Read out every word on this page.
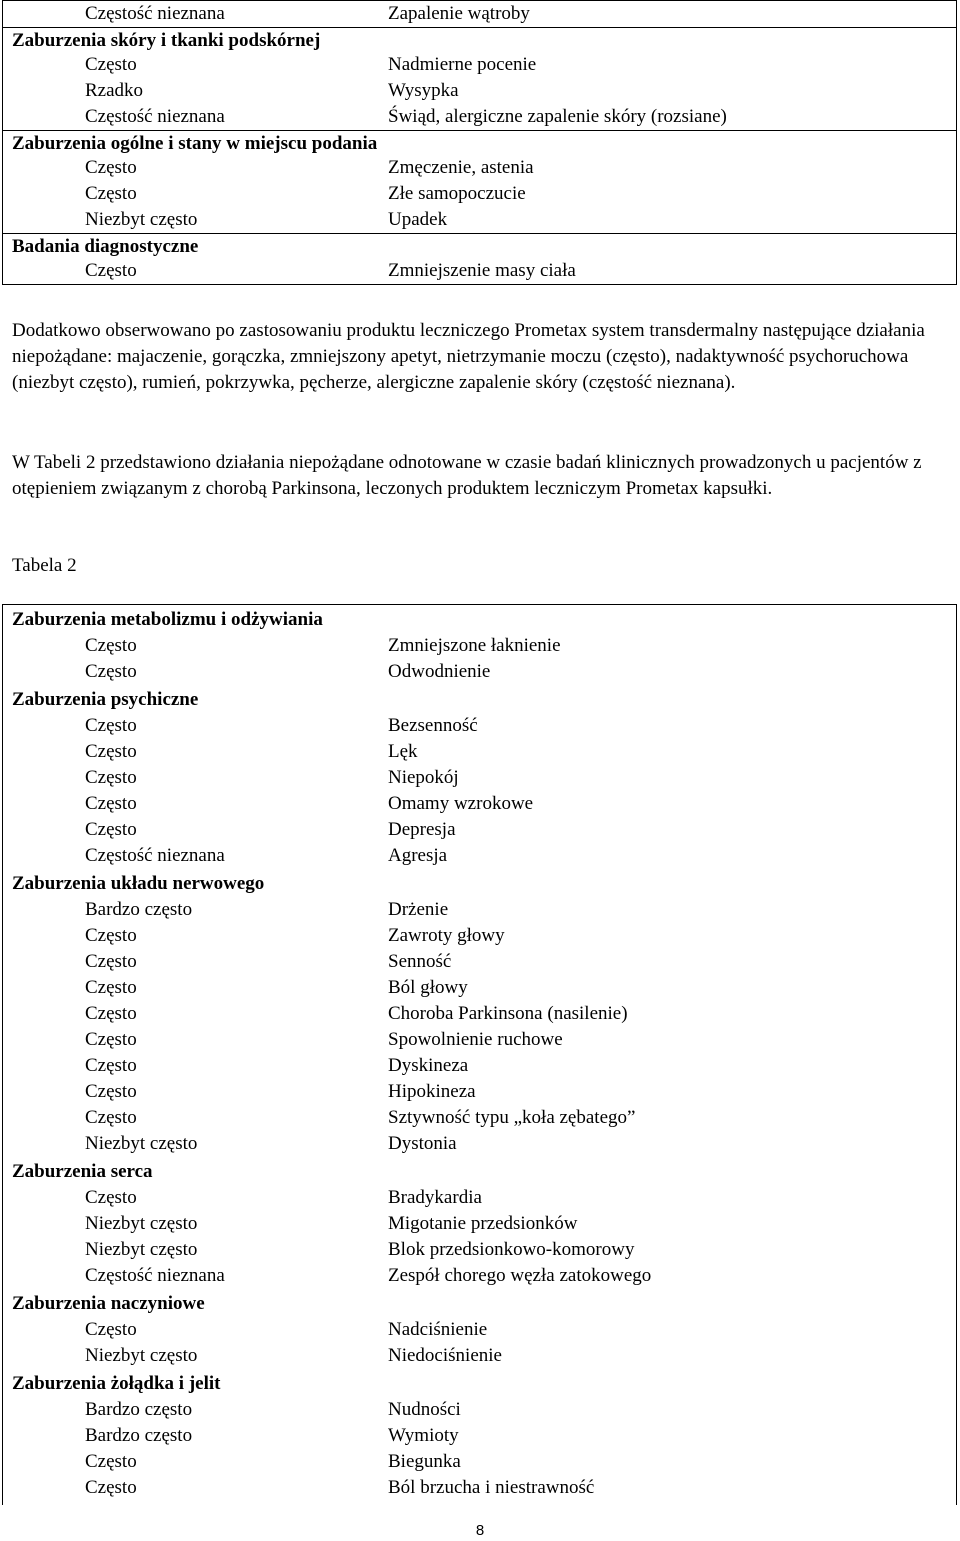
Częstość nieznana	Zapalenie wątroby
Zaburzenia skóry i tkanki podskórnej
Często	Nadmierne pocenie
Rzadko	Wysypka
Częstość nieznana	Świąd, alergiczne zapalenie skóry (rozsiane)
Zaburzenia ogólne i stany w miejscu podania
Często	Zmęczenie, astenia
Często	Złe samopoczucie
Niezbyt często	Upadek
Badania diagnostyczne
Często	Zmniejszenie masy ciała

Dodatkowo obserwowano po zastosowaniu produktu leczniczego Prometax system transdermalny następujące działania niepożądane: majaczenie, gorączka, zmniejszony apetyt, nietrzymanie moczu (często), nadaktywność psychoruchowa (niezbyt często), rumień, pokrzywka, pęcherze, alergiczne zapalenie skóry (częstość nieznana).

W Tabeli 2 przedstawiono działania niepożądane odnotowane w czasie badań klinicznych prowadzonych u pacjentów z otępieniem związanym z chorobą Parkinsona, leczonych produktem leczniczym Prometax kapsułki.

Tabela 2
Zaburzenia metabolizmu i odżywiania
Często	Zmniejszone łaknienie
Często	Odwodnienie
Zaburzenia psychiczne
Często	Bezsenność
Często	Lęk
Często	Niepokój
Często	Omamy wzrokowe
Często	Depresja
Częstość nieznana	Agresja
Zaburzenia układu nerwowego
Bardzo często	Drżenie
Często	Zawroty głowy
Często	Senność
Często	Ból głowy
Często	Choroba Parkinsona (nasilenie)
Często	Spowolnienie ruchowe
Często	Dyskineza
Często	Hipokineza
Często	Sztywność typu „koła zębatego”
Niezbyt często	Dystonia
Zaburzenia serca
Często	Bradykardia
Niezbyt często	Migotanie przedsionków
Niezbyt często	Blok przedsionkowo-komorowy
Częstość nieznana	Zespół chorego węzła zatokowego
Zaburzenia naczyniowe
Często	Nadciśnienie
Niezbyt często	Niedociśnienie
Zaburzenia żołądka i jelit
Bardzo często	Nudności
Bardzo często	Wymioty
Często	Biegunka
Często	Ból brzucha i niestrawność
8
